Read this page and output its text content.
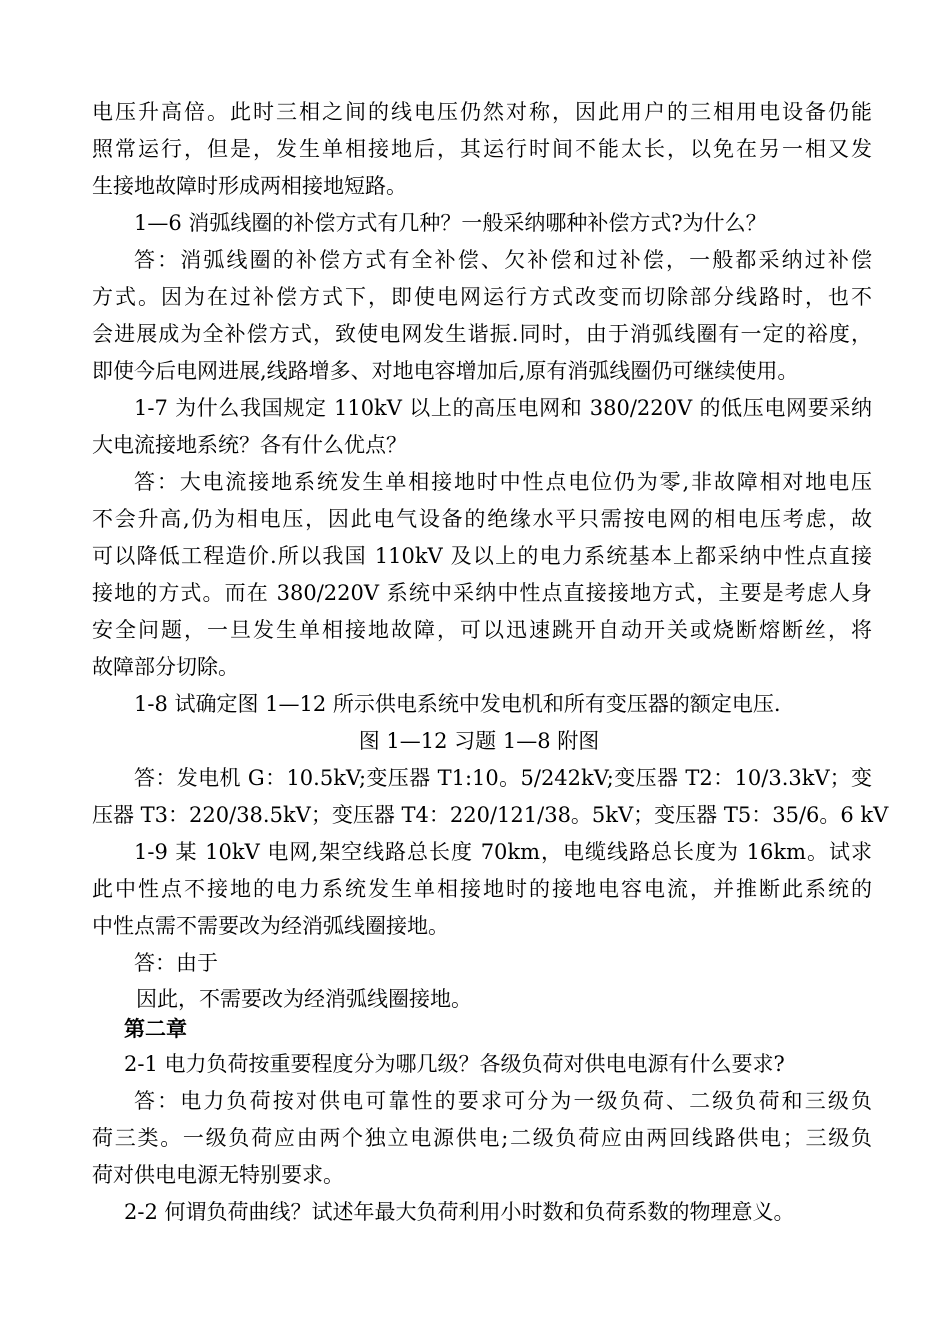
电压升高倍。此时三相之间的线电压仍然对称，因此用户的三相用电设备仍能
照常运行，但是，发生单相接地后，其运行时间不能太长，以免在另一相又发
生接地故障时形成两相接地短路。
1—6 消弧线圈的补偿方式有几种？一般采纳哪种补偿方式?为什么？
答：消弧线圈的补偿方式有全补偿、欠补偿和过补偿，一般都采纳过补偿
方式。因为在过补偿方式下，即使电网运行方式改变而切除部分线路时，也不
会进展成为全补偿方式，致使电网发生谐振.同时，由于消弧线圈有一定的裕度，
即使今后电网进展,线路增多、对地电容增加后,原有消弧线圈仍可继续使用。
1-7 为什么我国规定 110kV 以上的高压电网和 380/220V 的低压电网要采纳
大电流接地系统？各有什么优点？
答：大电流接地系统发生单相接地时中性点电位仍为零,非故障相对地电压
不会升高,仍为相电压，因此电气设备的绝缘水平只需按电网的相电压考虑，故
可以降低工程造价.所以我国 110kV 及以上的电力系统基本上都采纳中性点直接
接地的方式。而在 380/220V 系统中采纳中性点直接接地方式，主要是考虑人身
安全问题，一旦发生单相接地故障，可以迅速跳开自动开关或烧断熔断丝，将
故障部分切除。
1-8 试确定图 1—12 所示供电系统中发电机和所有变压器的额定电压.
图 1—12 习题 1—8 附图
答：发电机 G：10.5kV;变压器 T1:10。5/242kV;变压器 T2：10/3.3kV；变
压器 T3：220/38.5kV；变压器 T4：220/121/38。5kV；变压器 T5：35/6。6 kV
1-9 某 10kV 电网,架空线路总长度 70km，电缆线路总长度为 16km。试求
此中性点不接地的电力系统发生单相接地时的接地电容电流，并推断此系统的
中性点需不需要改为经消弧线圈接地。
答：由于
因此，不需要改为经消弧线圈接地。
第二章
2-1 电力负荷按重要程度分为哪几级？各级负荷对供电电源有什么要求?
答：电力负荷按对供电可靠性的要求可分为一级负荷、二级负荷和三级负
荷三类。一级负荷应由两个独立电源供电;二级负荷应由两回线路供电；三级负
荷对供电电源无特别要求。
2-2 何谓负荷曲线？试述年最大负荷利用小时数和负荷系数的物理意义。
